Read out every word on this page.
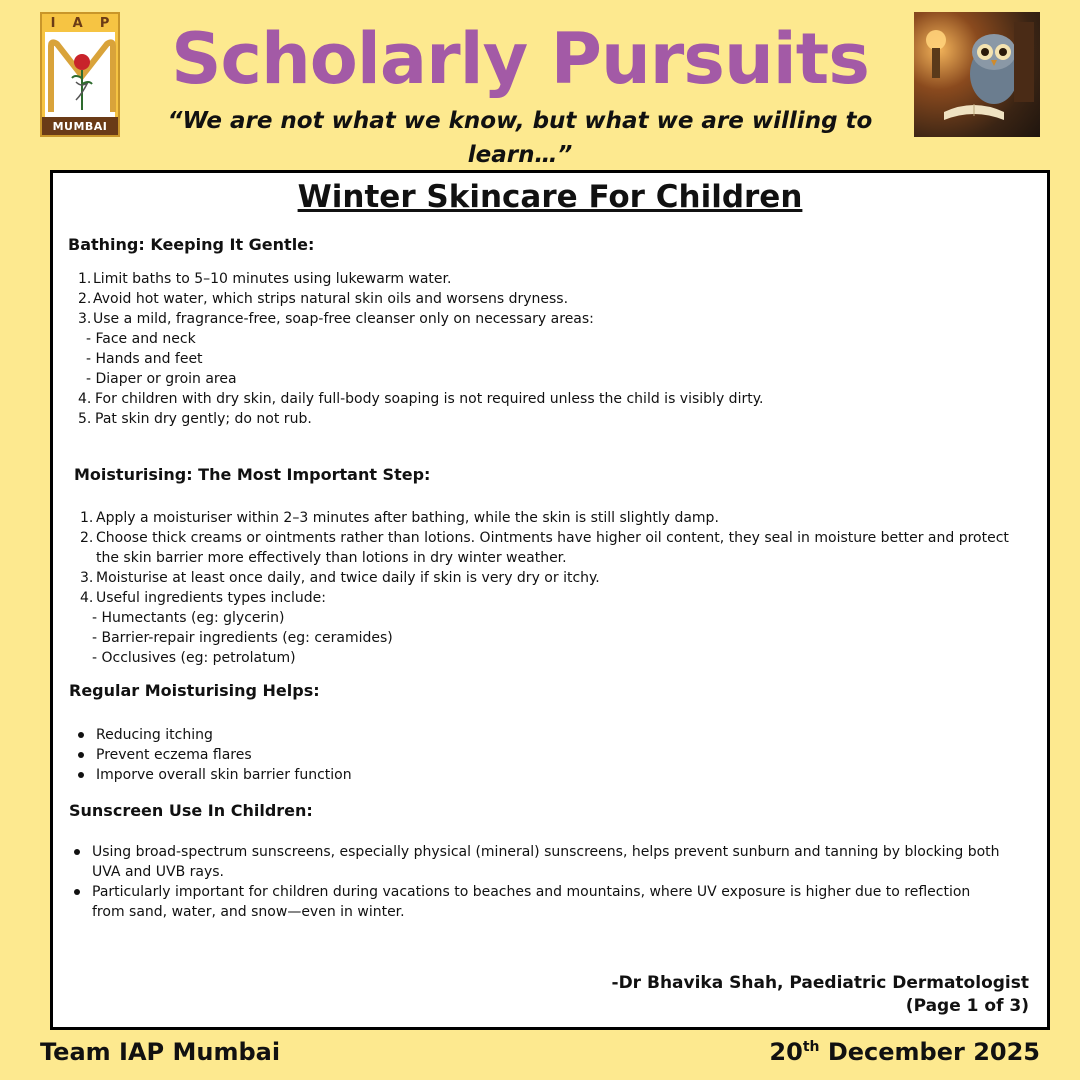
I A P
MUMBAI
Scholarly Pursuits
“We are not what we know, but what we are willing to learn…”
Winter Skincare For Children
Bathing: Keeping It Gentle:
1. Limit baths to 5–10 minutes using lukewarm water.
2. Avoid hot water, which strips natural skin oils and worsens dryness.
3. Use a mild, fragrance-free, soap-free cleanser only on necessary areas:
- Face and neck
- Hands and feet
- Diaper or groin area
4. For children with dry skin, daily full-body soaping is not required unless the child is visibly dirty.
5. Pat skin dry gently; do not rub.
Moisturising: The Most Important Step:
1. Apply a moisturiser within 2–3 minutes after bathing, while the skin is still slightly damp.
2. Choose thick creams or ointments rather than lotions. Ointments have higher oil content, they seal in moisture better and protect
the skin barrier more effectively than lotions in dry winter weather.
3. Moisturise at least once daily, and twice daily if skin is very dry or itchy.
4. Useful ingredients types include:
- Humectants (eg: glycerin)
- Barrier-repair ingredients (eg: ceramides)
- Occlusives (eg: petrolatum)
Regular Moisturising Helps:
Reducing itching
Prevent eczema flares
Imporve overall skin barrier function
Sunscreen Use In Children:
Using broad-spectrum sunscreens, especially physical (mineral) sunscreens, helps prevent sunburn and tanning by blocking both
UVA and UVB rays.
Particularly important for children during vacations to beaches and mountains, where UV exposure is higher due to reflection
from sand, water, and snow—even in winter.
-Dr Bhavika Shah, Paediatric Dermatologist
(Page 1 of 3)
Team IAP Mumbai	20th December 2025
